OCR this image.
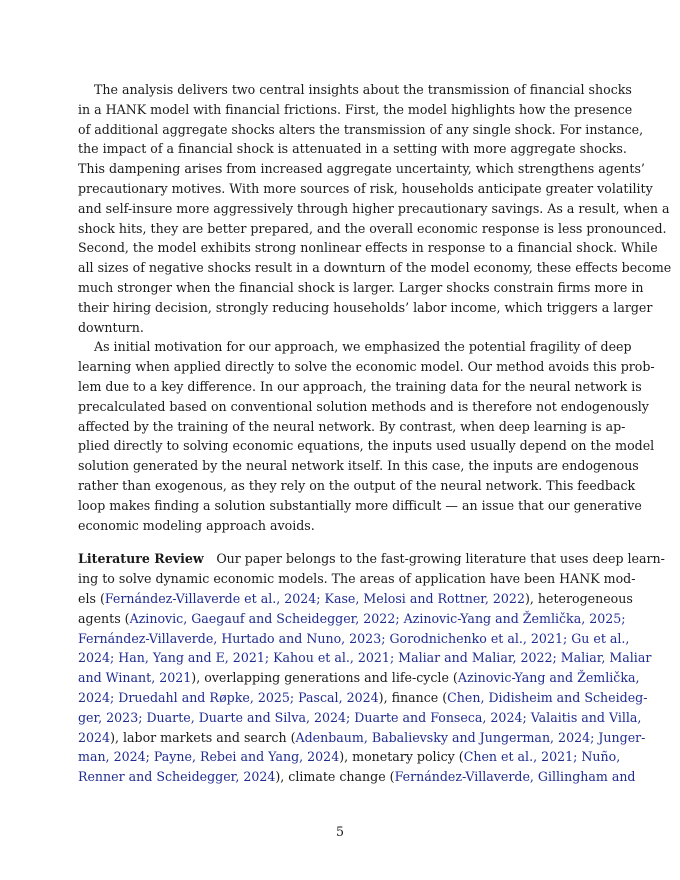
The analysis delivers two central insights about the transmission of financial shocks
in a HANK model with financial frictions. First, the model highlights how the presence
of additional aggregate shocks alters the transmission of any single shock. For instance,
the impact of a financial shock is attenuated in a setting with more aggregate shocks.
This dampening arises from increased aggregate uncertainty, which strengthens agents’
precautionary motives. With more sources of risk, households anticipate greater volatility
and self-insure more aggressively through higher precautionary savings. As a result, when a
shock hits, they are better prepared, and the overall economic response is less pronounced.
Second, the model exhibits strong nonlinear effects in response to a financial shock. While
all sizes of negative shocks result in a downturn of the model economy, these effects become
much stronger when the financial shock is larger. Larger shocks constrain firms more in
their hiring decision, strongly reducing households’ labor income, which triggers a larger
downturn.
As initial motivation for our approach, we emphasized the potential fragility of deep
learning when applied directly to solve the economic model. Our method avoids this prob-
lem due to a key difference. In our approach, the training data for the neural network is
precalculated based on conventional solution methods and is therefore not endogenously
affected by the training of the neural network. By contrast, when deep learning is ap-
plied directly to solving economic equations, the inputs used usually depend on the model
solution generated by the neural network itself. In this case, the inputs are endogenous
rather than exogenous, as they rely on the output of the neural network. This feedback
loop makes finding a solution substantially more difficult — an issue that our generative
economic modeling approach avoids.
Literature Review  Our paper belongs to the fast-growing literature that uses deep learn-
ing to solve dynamic economic models. The areas of application have been HANK mod-
els (Fernández-Villaverde et al., 2024; Kase, Melosi and Rottner, 2022), heterogeneous
agents (Azinovic, Gaegauf and Scheidegger, 2022; Azinovic-Yang and Žemlička, 2025;
Fernández-Villaverde, Hurtado and Nuno, 2023; Gorodnichenko et al., 2021; Gu et al.,
2024; Han, Yang and E, 2021; Kahou et al., 2021; Maliar and Maliar, 2022; Maliar, Maliar
and Winant, 2021), overlapping generations and life-cycle (Azinovic-Yang and Žemlička,
2024; Druedahl and Røpke, 2025; Pascal, 2024), finance (Chen, Didisheim and Scheideg-
ger, 2023; Duarte, Duarte and Silva, 2024; Duarte and Fonseca, 2024; Valaitis and Villa,
2024), labor markets and search (Adenbaum, Babalievsky and Jungerman, 2024; Junger-
man, 2024; Payne, Rebei and Yang, 2024), monetary policy (Chen et al., 2021; Nuño,
Renner and Scheidegger, 2024), climate change (Fernández-Villaverde, Gillingham and
5
